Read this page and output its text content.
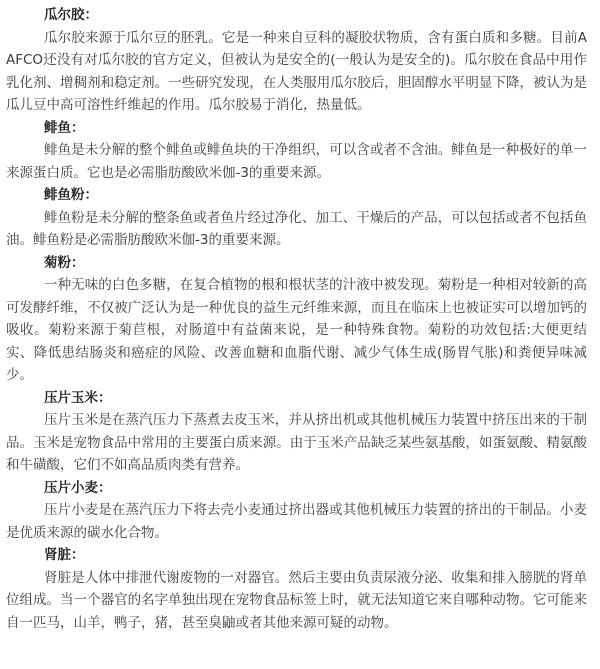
瓜尔胶：

瓜尔胶来源于瓜尔豆的胚乳。它是一种来自豆科的凝胶状物质，含有蛋白质和多糖。目前AAFCO还没有对瓜尔胶的官方定义，但被认为是安全的(一般认为是安全的)。瓜尔胶在食品中用作乳化剂、增稠剂和稳定剂。一些研究发现，在人类服用瓜尔胶后，胆固醇水平明显下降，被认为是瓜儿豆中高可溶性纤维起的作用。瓜尔胶易于消化，热量低。

鲱鱼：

鲱鱼是未分解的整个鲱鱼或鲱鱼块的干净组织，可以含或者不含油。鲱鱼是一种极好的单一来源蛋白质。它也是必需脂肪酸欧米伽-3的重要来源。

鲱鱼粉：

鲱鱼粉是未分解的整条鱼或者鱼片经过净化、加工、干燥后的产品，可以包括或者不包括鱼油。鲱鱼粉是必需脂肪酸欧米伽-3的重要来源。

菊粉：

一种无味的白色多糖，在复合植物的根和根状茎的汁液中被发现。菊粉是一种相对较新的高可发酵纤维，不仅被广泛认为是一种优良的益生元纤维来源，而且在临床上也被证实可以增加钙的吸收。菊粉来源于菊苣根，对肠道中有益菌来说，是一种特殊食物。菊粉的功效包括:大便更结实、降低患结肠炎和癌症的风险、改善血糖和血脂代谢、减少气体生成(肠胃气胀)和粪便异味减少。

压片玉米：

压片玉米是在蒸汽压力下蒸煮去皮玉米，并从挤出机或其他机械压力装置中挤压出来的干制品。玉米是宠物食品中常用的主要蛋白质来源。由于玉米产品缺乏某些氨基酸，如蛋氨酸、精氨酸和牛磺酸，它们不如高品质肉类有营养。

压片小麦：

压片小麦是在蒸汽压力下将去壳小麦通过挤出器或其他机械压力装置的挤出的干制品。小麦是优质来源的碳水化合物。

肾脏：

肾脏是人体中排泄代谢废物的一对器官。然后主要由负责尿液分泌、收集和排入膀胱的肾单位组成。当一个器官的名字单独出现在宠物食品标签上时，就无法知道它来自哪种动物。它可能来自一匹马，山羊，鸭子，猪，甚至臭鼬或者其他来源可疑的动物。
